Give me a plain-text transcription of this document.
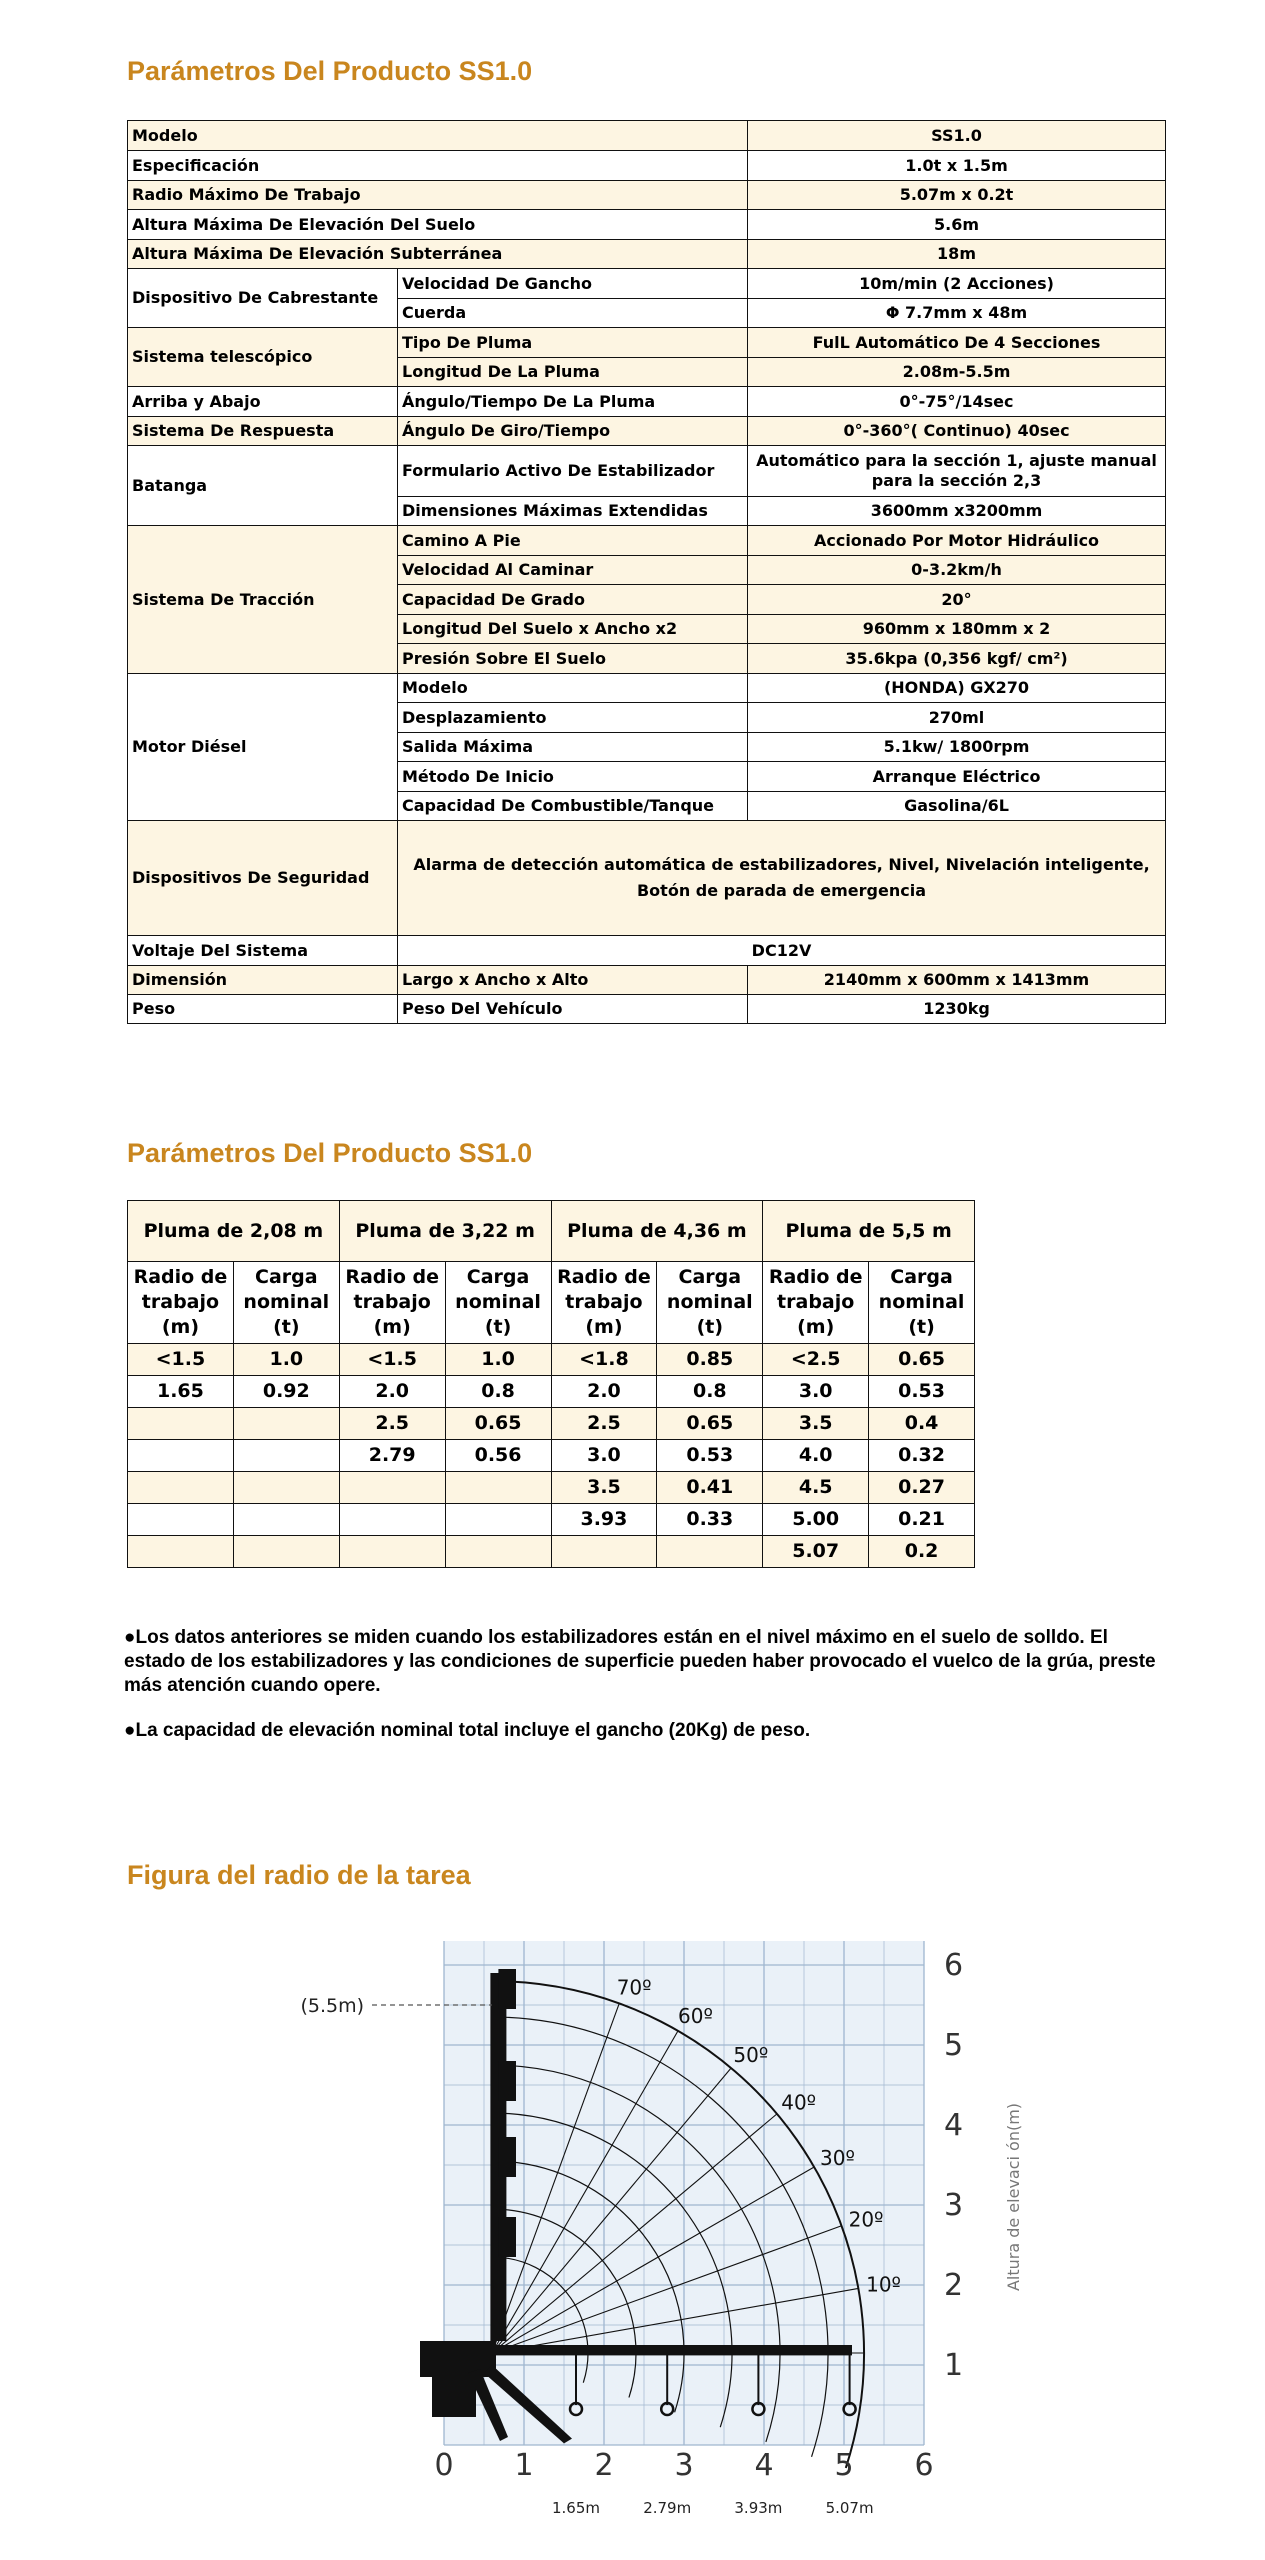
Parámetros Del Producto SS1.0
Modelo		SS1.0
Especificación		1.0t x 1.5m
Radio Máximo De Trabajo		5.07m x 0.2t
Altura Máxima De Elevación Del Suelo		5.6m
Altura Máxima De Elevación Subterránea		18m
Dispositivo De Cabrestante	Velocidad De Gancho	10m/min (2 Acciones)
	Cuerda	Φ 7.7mm x 48m
Sistema telescópico	Tipo De Pluma	FulL Automático De 4 Secciones
	Longitud De La Pluma	2.08m-5.5m
Arriba y Abajo	Ángulo/Tiempo De La Pluma	0°-75°/14sec
Sistema De Respuesta	Ángulo De Giro/Tiempo	0°-360°( Continuo) 40sec
Batanga	Formulario Activo De Estabilizador	Automático para la sección 1, ajuste manual para la sección 2,3
	Dimensiones Máximas Extendidas	3600mm x3200mm
Sistema De Tracción	Camino A Pie	Accionado Por Motor Hidráulico
	Velocidad Al Caminar	0-3.2km/h
	Capacidad De Grado	20°
	Longitud Del Suelo x Ancho x2	960mm x 180mm x 2
	Presión Sobre El Suelo	35.6kpa (0,356 kgf/ cm²)
Motor Diésel	Modelo	(HONDA) GX270
	Desplazamiento	270ml
	Salida Máxima	5.1kw/ 1800rpm
	Método De Inicio	Arranque Eléctrico
	Capacidad De Combustible/Tanque	Gasolina/6L
Dispositivos De Seguridad	Alarma de detección automática de estabilizadores, Nivel, Nivelación inteligente, Botón de parada de emergencia	
Voltaje Del Sistema	DC12V	
Dimensión	Largo x Ancho x Alto	2140mm x 600mm x 1413mm
Peso	Peso Del Vehículo	1230kg
Parámetros Del Producto SS1.0
Pluma de 2,08 m		Pluma de 3,22 m		Pluma de 4,36 m		Pluma de 5,5 m	
Radio de trabajo (m)	Carga nominal (t)	Radio de trabajo (m)	Carga nominal (t)	Radio de trabajo (m)	Carga nominal (t)	Radio de trabajo (m)	Carga nominal (t)
<1.5	1.0	<1.5	1.0	<1.8	0.85	<2.5	0.65
1.65	0.92	2.0	0.8	2.0	0.8	3.0	0.53
		2.5	0.65	2.5	0.65	3.5	0.4
		2.79	0.56	3.0	0.53	4.0	0.32
				3.5	0.41	4.5	0.27
				3.93	0.33	5.00	0.21
						5.07	0.2

●Los datos anteriores se miden cuando los estabilizadores están en el nivel máximo en el suelo de solldo. El estado de los estabilizadores y las condiciones de superficie pueden haber provocado el vuelco de la grúa, preste más atención cuando opere.

●La capacidad de elevación nominal total incluye el gancho (20Kg) de peso.

Figura del radio de la tarea
70º
60º
50º
40º
30º
20º
10º
0 1 2 3 4 5 6
1
2
3
4
5
6
Altura de elevaci ón(m)
(5.5m)
1.65m	2.79m	3.93m	5.07m
